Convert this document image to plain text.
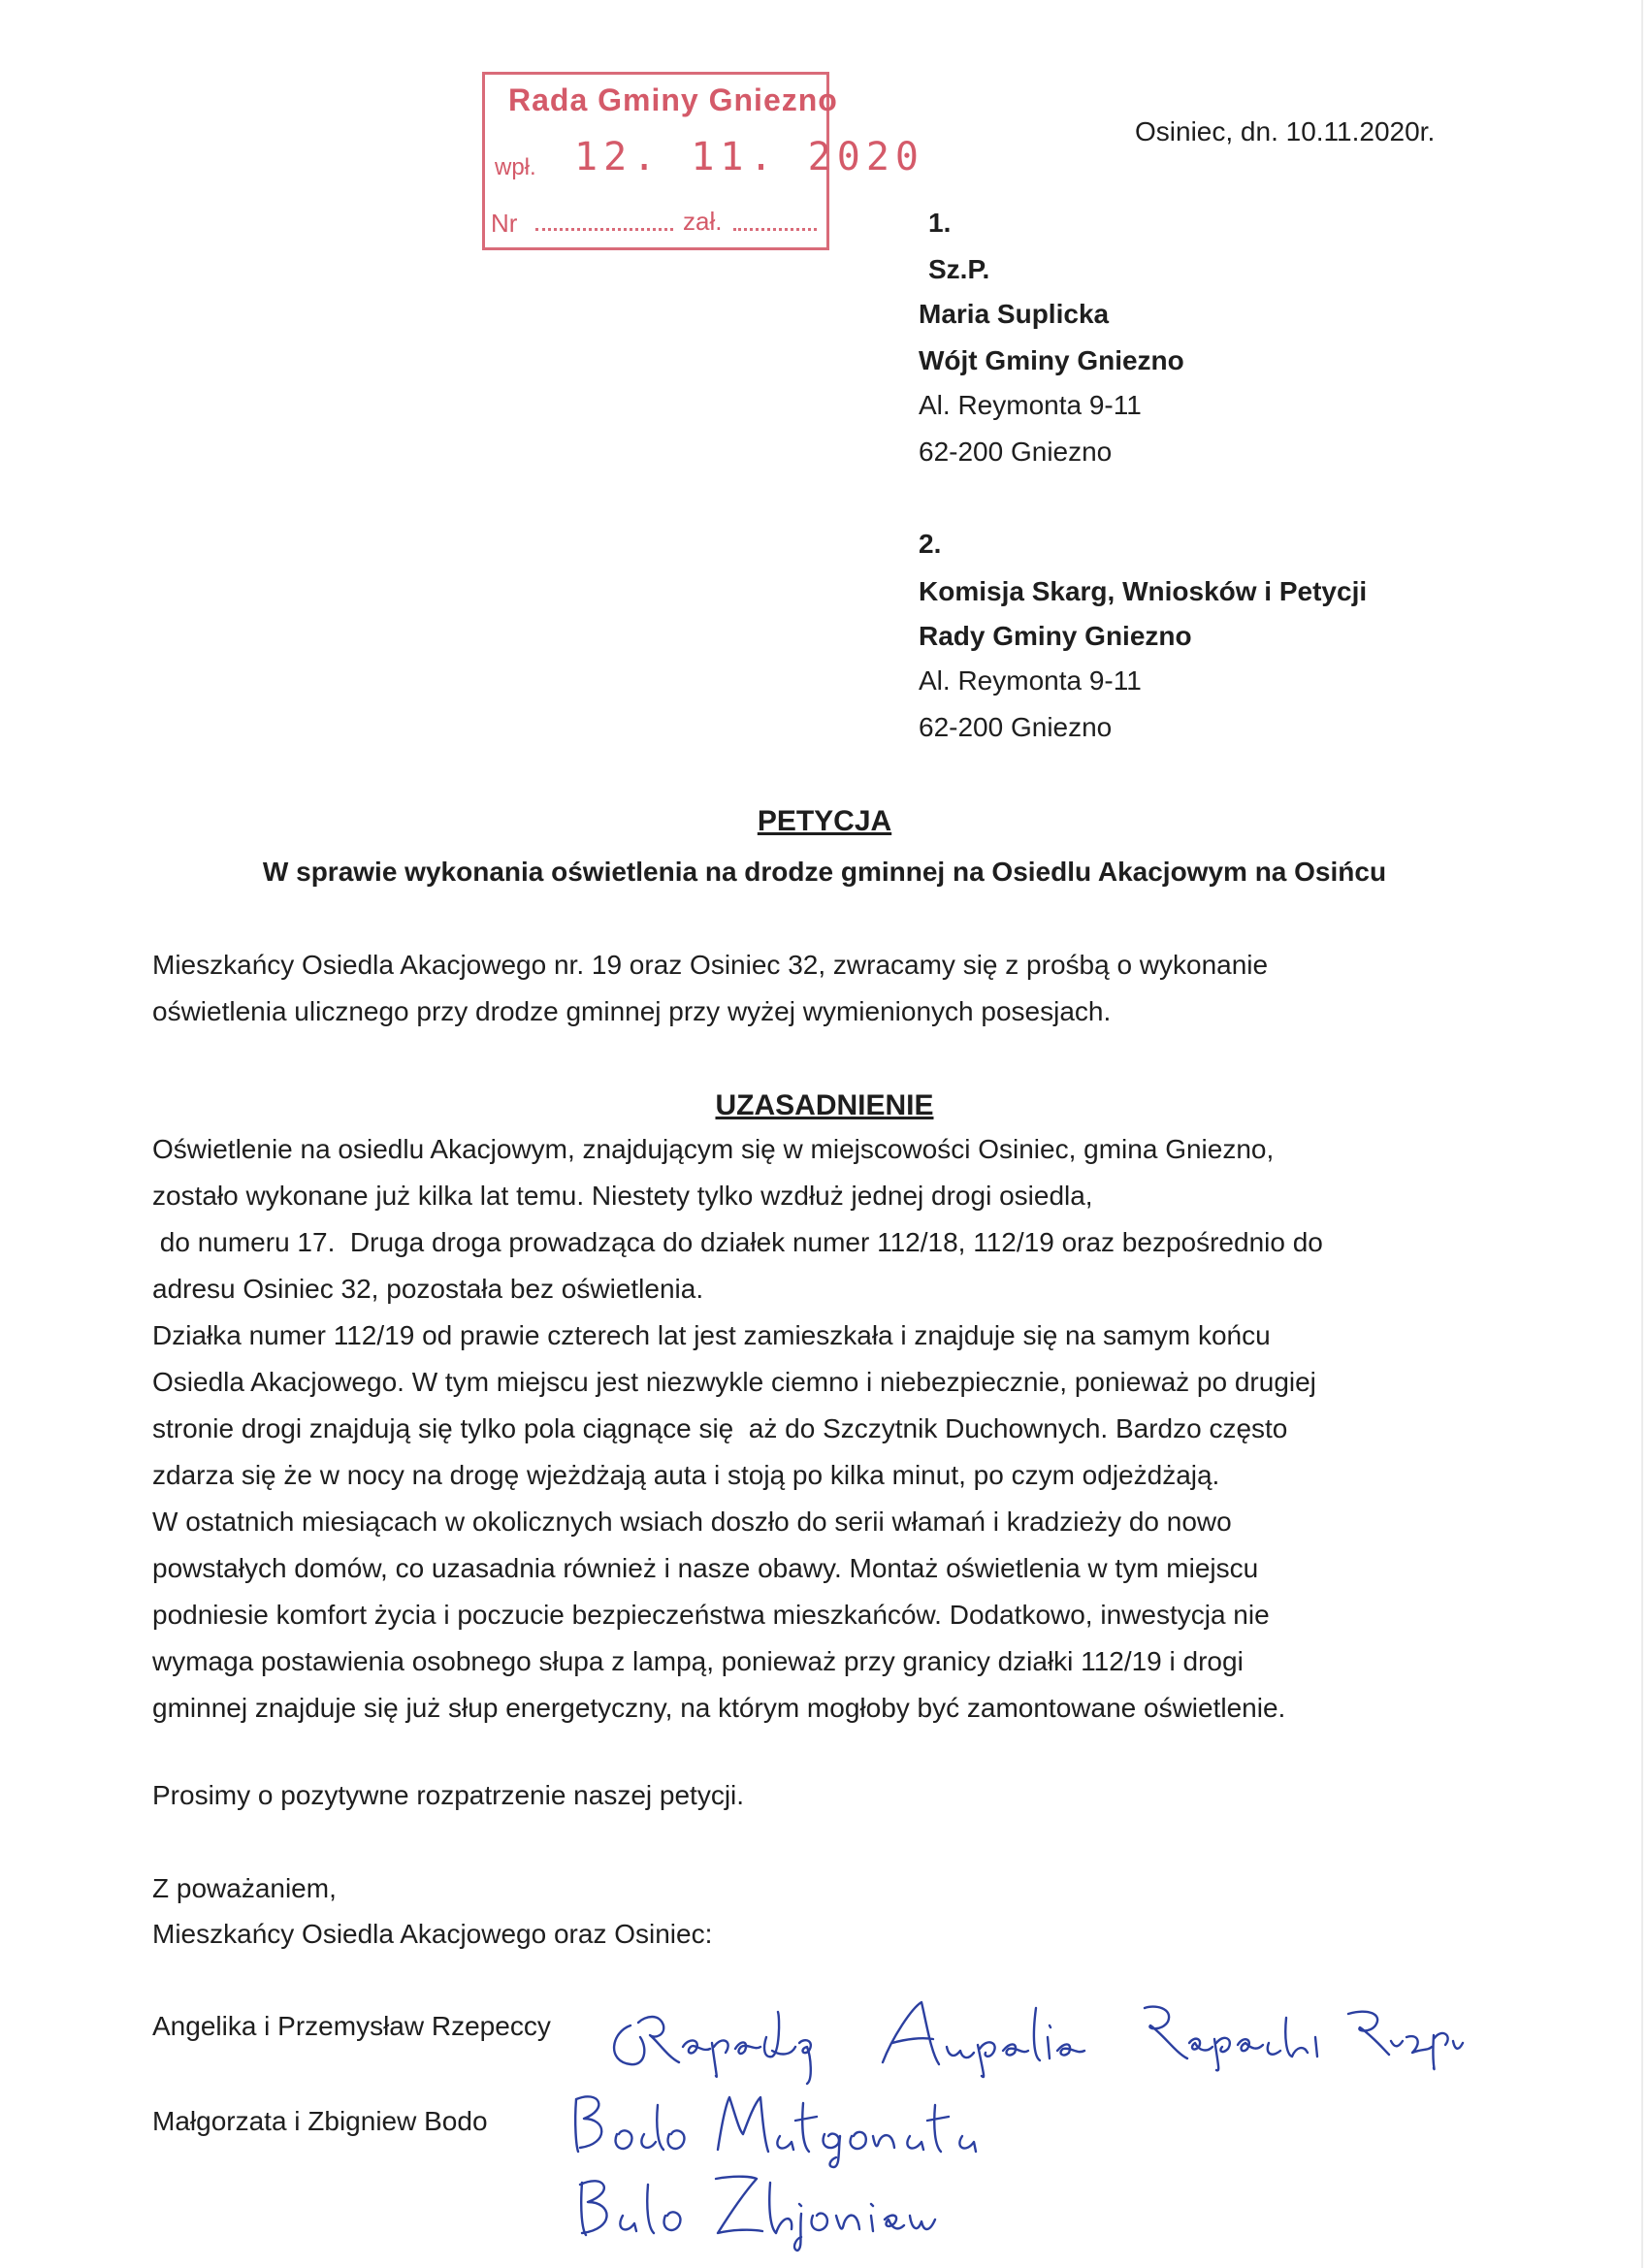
Rada Gminy Gniezno
wpł. 12. 11. 2020
Nr	zał.
Osiniec, dn. 10.11.2020r.
1.
Sz.P.
Maria Suplicka
Wójt Gminy Gniezno
Al. Reymonta 9-11
62-200 Gniezno
2.
Komisja Skarg, Wniosków i Petycji
Rady Gminy Gniezno
Al. Reymonta 9-11
62-200 Gniezno
PETYCJA
W sprawie wykonania oświetlenia na drodze gminnej na Osiedlu Akacjowym na Osińcu
Mieszkańcy Osiedla Akacjowego nr. 19 oraz Osiniec 32, zwracamy się z prośbą o wykonanie
oświetlenia ulicznego przy drodze gminnej przy wyżej wymienionych posesjach.
UZASADNIENIE
Oświetlenie na osiedlu Akacjowym, znajdującym się w miejscowości Osiniec, gmina Gniezno,
zostało wykonane już kilka lat temu. Niestety tylko wzdłuż jednej drogi osiedla,
do numeru 17.  Druga droga prowadząca do działek numer 112/18, 112/19 oraz bezpośrednio do
adresu Osiniec 32, pozostała bez oświetlenia.
Działka numer 112/19 od prawie czterech lat jest zamieszkała i znajduje się na samym końcu
Osiedla Akacjowego. W tym miejscu jest niezwykle ciemno i niebezpiecznie, ponieważ po drugiej
stronie drogi znajdują się tylko pola ciągnące się  aż do Szczytnik Duchownych. Bardzo często
zdarza się że w nocy na drogę wjeżdżają auta i stoją po kilka minut, po czym odjeżdżają.
W ostatnich miesiącach w okolicznych wsiach doszło do serii włamań i kradzieży do nowo
powstałych domów, co uzasadnia również i nasze obawy. Montaż oświetlenia w tym miejscu
podniesie komfort życia i poczucie bezpieczeństwa mieszkańców. Dodatkowo, inwestycja nie
wymaga postawienia osobnego słupa z lampą, ponieważ przy granicy działki 112/19 i drogi
gminnej znajduje się już słup energetyczny, na którym mogłoby być zamontowane oświetlenie.
Prosimy o pozytywne rozpatrzenie naszej petycji.
Z poważaniem,
Mieszkańcy Osiedla Akacjowego oraz Osiniec:
Angelika i Przemysław Rzepeccy
Małgorzata i Zbigniew Bodo
